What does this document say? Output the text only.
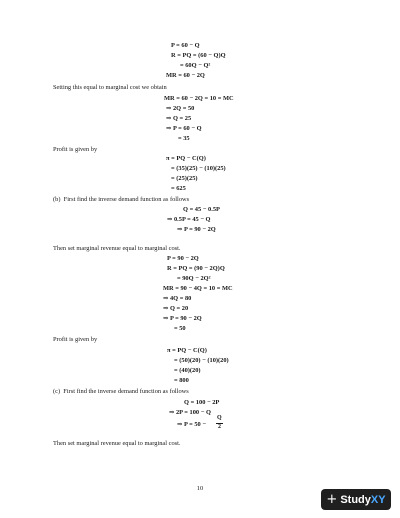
P = 60 − Q
R = PQ = (60 − Q)Q
= 60Q − Q²
MR = 60 − 2Q
Setting this equal to marginal cost we obtain
MR = 60 − 2Q = 10 = MC
⇒ 2Q = 50
⇒ Q = 25
⇒ P = 60 − Q
= 35
Profit is given by
π = PQ − C(Q)
= (35)(25) − (10)(25)
= (25)(25)
= 625
(b)  First find the inverse demand function as follows
Q = 45 − 0.5P
⇒ 0.5P = 45 − Q
⇒ P = 90 − 2Q
Then set marginal revenue equal to marginal cost.
P = 90 − 2Q
R = PQ = (90 − 2Q)Q
= 90Q − 2Q²
MR = 90 − 4Q = 10 = MC
⇒ 4Q = 80
⇒ Q = 20
⇒ P = 90 − 2Q
= 50
Profit is given by
π = PQ − C(Q)
= (50)(20) − (10)(20)
= (40)(20)
= 800
(c)  First find the inverse demand function as follows
Q = 100 − 2P
⇒ 2P = 100 − Q
⇒ P = 50 −
Q
2
Then set marginal revenue equal to marginal cost.
10
+ StudyXY
